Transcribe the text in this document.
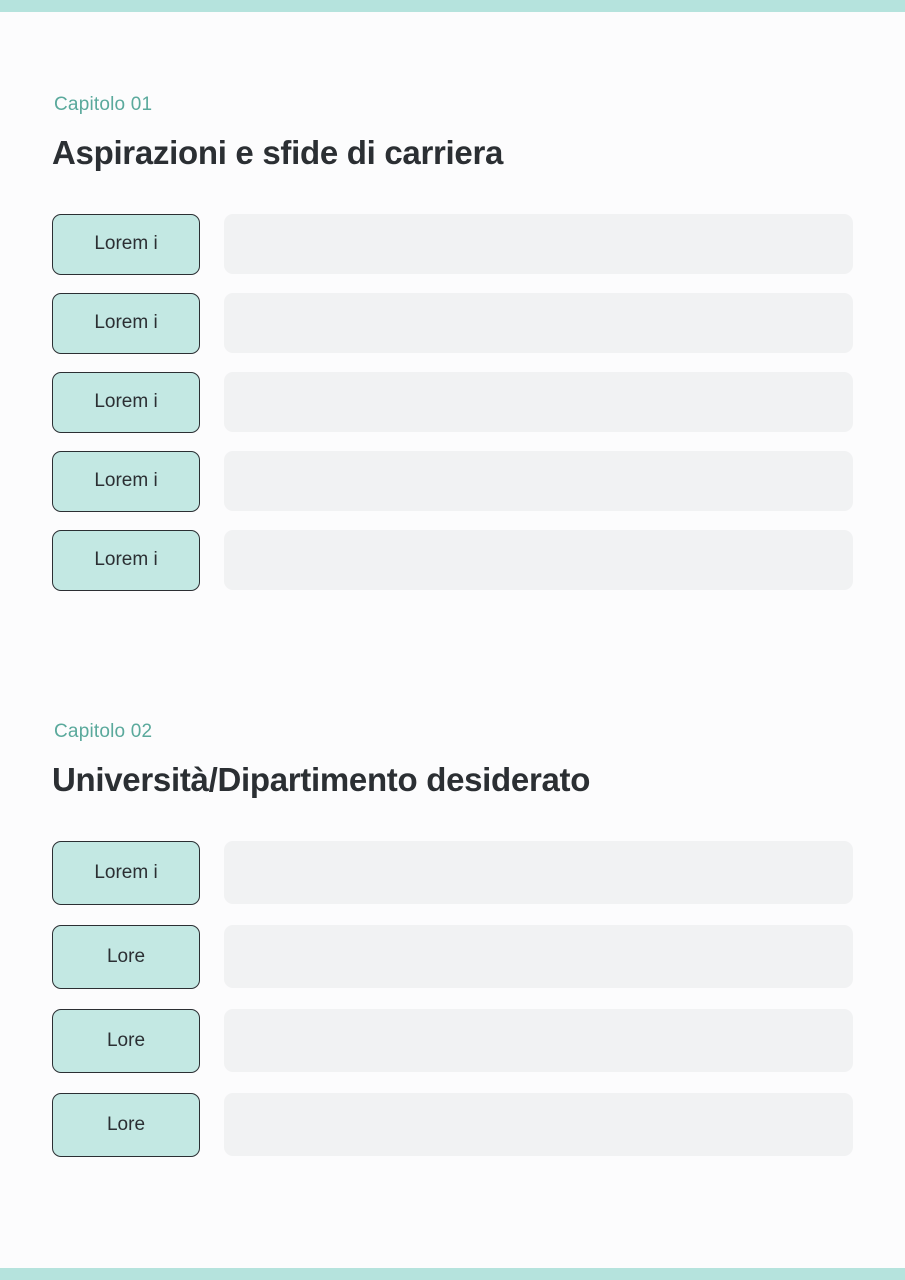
Capitolo 01
Aspirazioni e sfide di carriera
Lorem i
Lorem i
Lorem i
Lorem i
Lorem i
Capitolo 02
Università/Dipartimento desiderato
Lorem i
Lore
Lore
Lore
